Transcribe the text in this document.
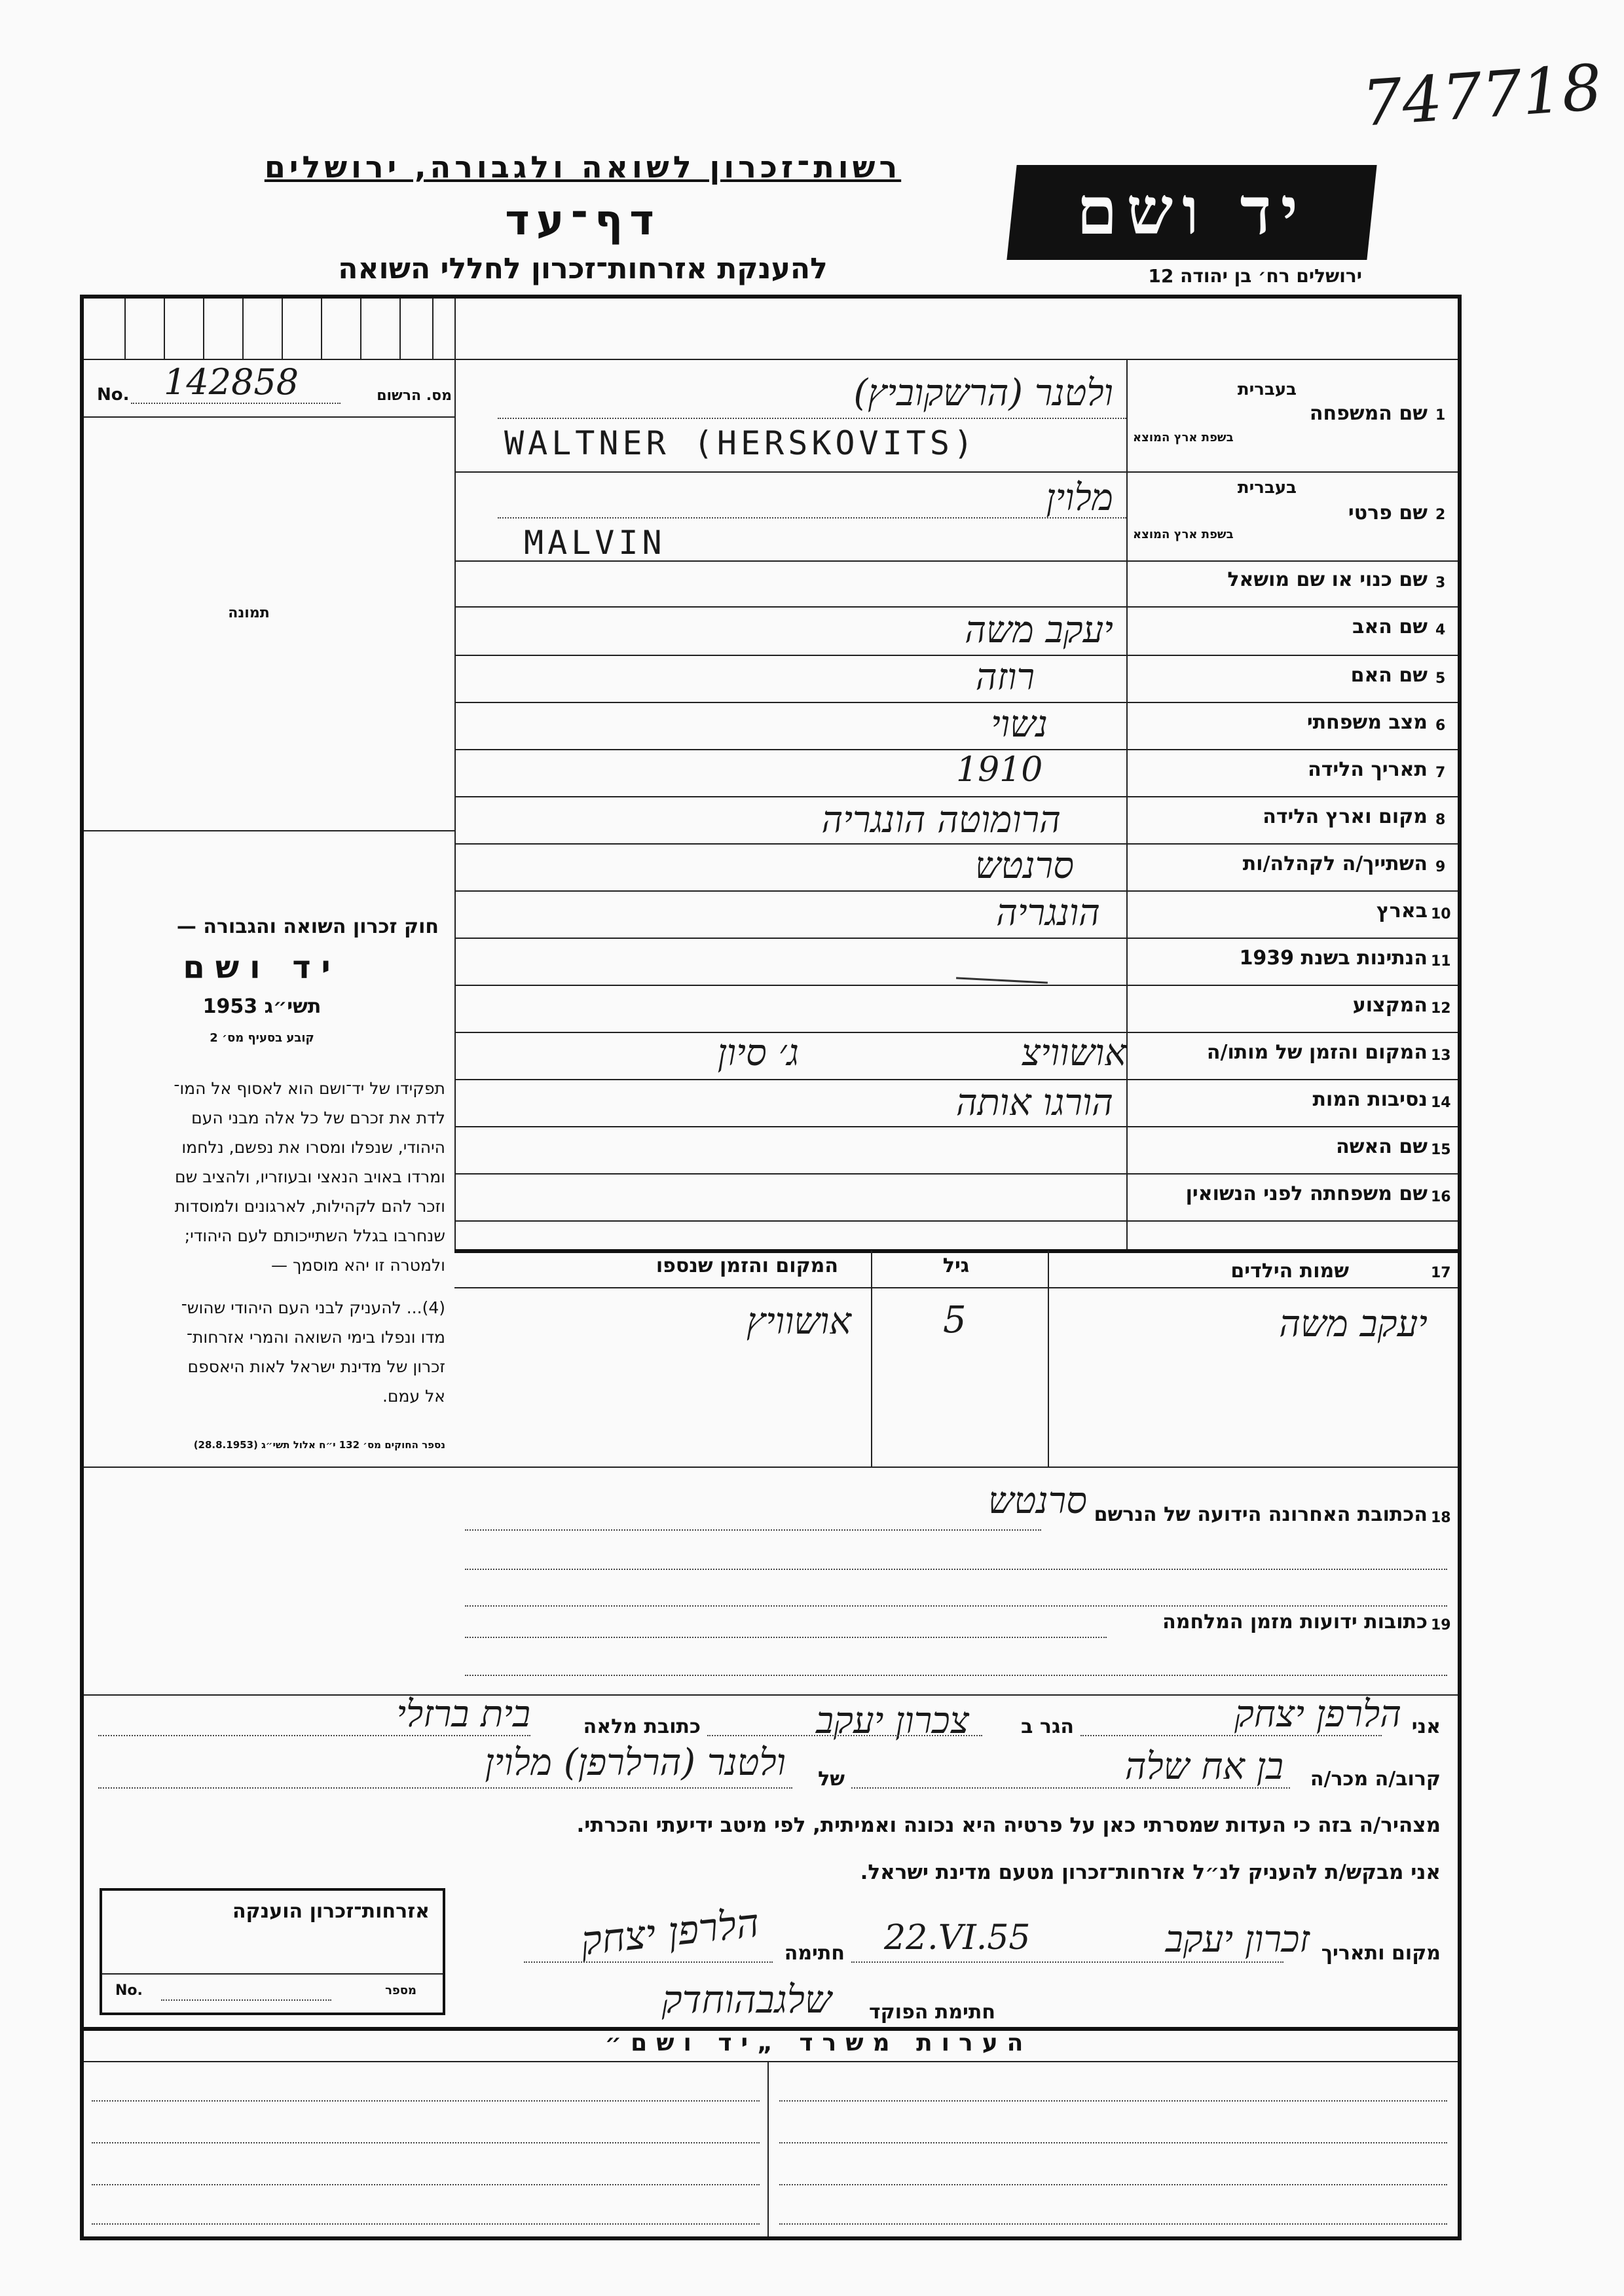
747718
רשות־זכרון לשואה ולגבורה, ירושלים
דף־עד
להענקת אזרחות־זכרון לחללי השואה
יד ושם
ירושלים רח׳ בן יהודה 12
No. 142858	מס. הרשום
תמונה
חוק זכרון השואה והגבורה —
יד ושם
תשי״ג 1953
קובע בסעיף מס׳ 2
תפקידו של יד־ושם הוא לאסוף אל המו־
לדת את זכרם של כל אלה מבני העם
היהודי, שנפלו ומסרו את נפשם, נלחמו
ומרדו באויב הנאצי ובעוזריו, ולהציב שם
וזכר להם לקהילות, לארגונים ולמוסדות
שנחרבו בגלל השתייכותם לעם היהודי;
ולמטרה זו יהא מוסמך —
(4)... להעניק לבני העם היהודי שהוש־
מדו ונפלו בימי השואה והמרי אזרחות־
זכרון של מדינת ישראל לאות היאספם
אל עמם.
נספר החוקים מס׳ 132 י״ח אלול תשי״ג (28.8.1953)
1
שם המשפחה
בעברית
בשפת ארץ המוצא
ולטנר (הרשקוביץ)
WALTNER (HERSKOVITS)
2
שם פרטי
בעברית
בשפת ארץ המוצא
מלוין
MALVIN
3
שם כנוי או שם מושאל
4
שם האב
יעקב משה
5
שם האם
רוזה
6
מצב משפחתי
נשוי
7
תאריך הלידה
1910
8
מקום וארץ הלידה
הרומוטה הונגריה
9
השתייך/ה לקהלה/ות
סרנטש
10
בארץ
הונגריה
11
הנתינות בשנת 1939
12
המקצוע
13
המקום והזמן של מותו/ה
אושוויצ
ג׳ סיון
14
נסיבות המות
הורגו אותה
15
שם האשה
16
שם משפחתה לפני הנשואין
17
שמות הילדים
גיל
המקום והזמן שנספו
יעקב משה
5
אושוויץ
18
הכתובת האחרונה הידועה של הנרשם
סרנטש
19
כתובות ידועות מזמן המלחמה
אני
הלרפן יצחק
הגר ב
צכרון יעקב
כתובת מלאה
בית ברזלי
קרוב/ה מכר/ה
בן אח שלה
של
ולטנר (הרלרפן) מלוין
מצהיר/ה בזה כי העדות שמסרתי כאן על פרטיה היא נכונה ואמיתית, לפי מיטב ידיעתי והכרתי.
אני מבקש/ת להעניק לנ״ל אזרחות־זכרון מטעם מדינת ישראל.
מקום ותאריך
זכרון יעקב
22.VI.55
חתימה
הלרפן יצחק
חתימת הפוקד
שלגבהוחדק
אזרחות־זכרון הוענקה
No.	מספר
הערות משרד „יד ושם״
